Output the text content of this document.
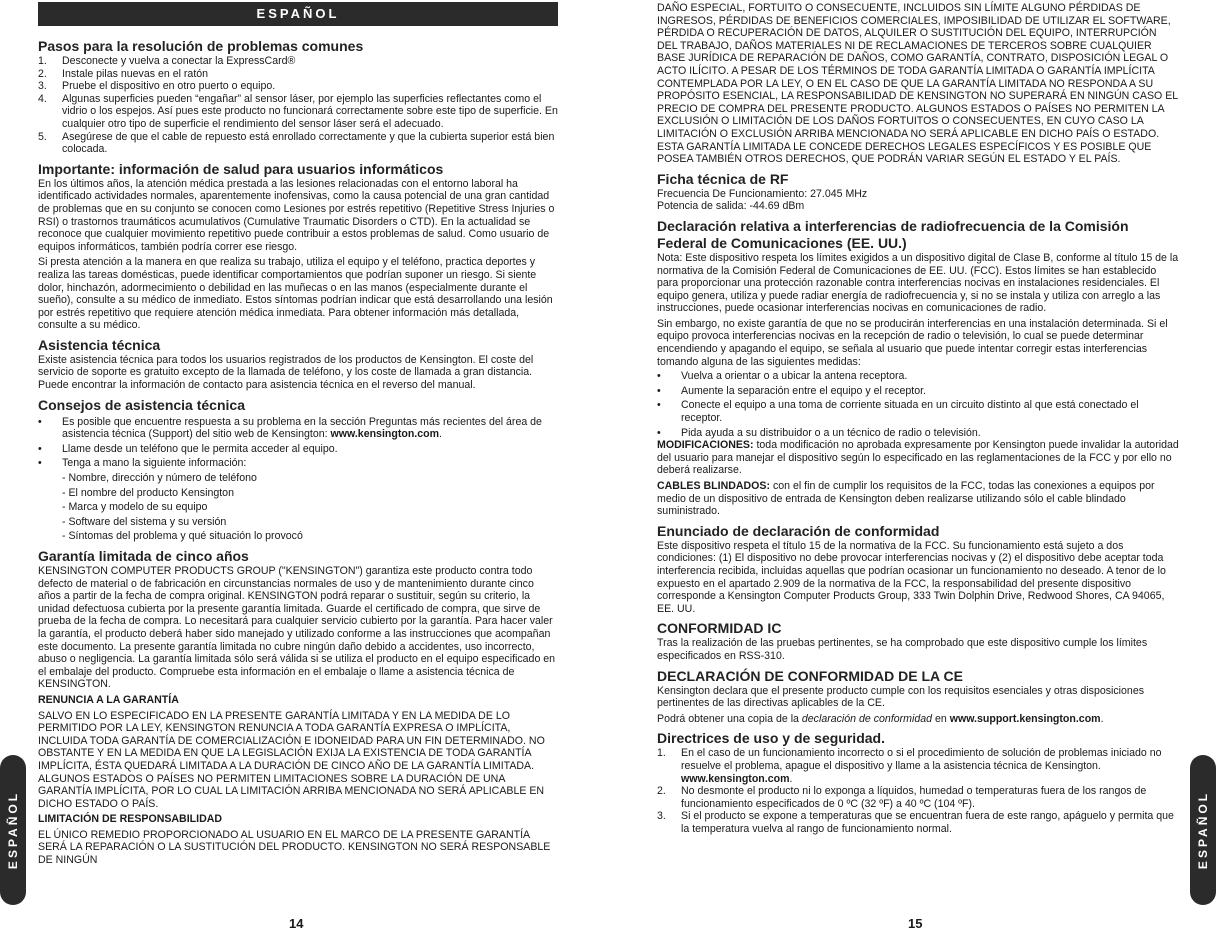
ESPAÑOL
Pasos para la resolución de problemas comunes
1. Desconecte y vuelva a conectar la ExpressCard®
2. Instale pilas nuevas en el ratón
3. Pruebe el dispositivo en otro puerto o equipo.
4. Algunas superficies pueden “engañar” al sensor láser, por ejemplo las superficies reflectantes como el vidrio o los espejos. Así pues este producto no funcionará correctamente sobre este tipo de superficie. En cualquier otro tipo de superficie el rendimiento del sensor láser será el adecuado.
5. Asegúrese de que el cable de repuesto está enrollado correctamente y que la cubierta superior está bien colocada.
Importante: información de salud para usuarios informáticos

En los últimos años, la atención médica prestada a las lesiones relacionadas con el entorno laboral ha identificado actividades normales, aparentemente inofensivas, como la causa potencial de una gran cantidad de problemas que en su conjunto se conocen como Lesiones por estrés repetitivo (Repetitive Stress Injuries o RSI) o trastornos traumáticos acumulativos (Cumulative Traumatic Disorders o CTD). En la actualidad se reconoce que cualquier movimiento repetitivo puede contribuir a estos problemas de salud. Como usuario de equipos informáticos, también podría correr ese riesgo.

Si presta atención a la manera en que realiza su trabajo, utiliza el equipo y el teléfono, practica deportes y realiza las tareas domésticas, puede identificar comportamientos que podrían suponer un riesgo. Si siente dolor, hinchazón, adormecimiento o debilidad en las muñecas o en las manos (especialmente durante el sueño), consulte a su médico de inmediato. Estos síntomas podrían indicar que está desarrollando una lesión por estrés repetitivo que requiere atención médica inmediata. Para obtener información más detallada, consulte a su médico.

Asistencia técnica

Existe asistencia técnica para todos los usuarios registrados de los productos de Kensington. El coste del servicio de soporte es gratuito excepto de la llamada de teléfono, y los coste de llamada a gran distancia. Puede encontrar la información de contacto para asistencia técnica en el reverso del manual.

Consejos de asistencia técnica
• Es posible que encuentre respuesta a su problema en la sección Preguntas más recientes del área de asistencia técnica (Support) del sitio web de Kensington: www.kensington.com.
• Llame desde un teléfono que le permita acceder al equipo.
• Tenga a mano la siguiente información:
- Nombre, dirección y número de teléfono
- El nombre del producto Kensington
- Marca y modelo de su equipo
- Software del sistema y su versión
- Síntomas del problema y qué situación lo provocó
Garantía limitada de cinco años

KENSINGTON COMPUTER PRODUCTS GROUP ("KENSINGTON") garantiza este producto contra todo defecto de material o de fabricación en circunstancias normales de uso y de mantenimiento durante cinco años a partir de la fecha de compra original. KENSINGTON podrá reparar o sustituir, según su criterio, la unidad defectuosa cubierta por la presente garantía limitada. Guarde el certificado de compra, que sirve de prueba de la fecha de compra. Lo necesitará para cualquier servicio cubierto por la garantía. Para hacer valer la garantía, el producto deberá haber sido manejado y utilizado conforme a las instrucciones que acompañan este documento. La presente garantía limitada no cubre ningún daño debido a accidentes, uso incorrecto, abuso o negligencia. La garantía limitada sólo será válida si se utiliza el producto en el equipo especificado en el embalaje del producto. Compruebe esta información en el embalaje o llame a asistencia técnica de KENSINGTON.

RENUNCIA A LA GARANTÍA

SALVO EN LO ESPECIFICADO EN LA PRESENTE GARANTÍA LIMITADA Y EN LA MEDIDA DE LO PERMITIDO POR LA LEY, KENSINGTON RENUNCIA A TODA GARANTÍA EXPRESA O IMPLÍCITA, INCLUIDA TODA GARANTÍA DE COMERCIALIZACIÓN E IDONEIDAD PARA UN FIN DETERMINADO. NO OBSTANTE Y EN LA MEDIDA EN QUE LA LEGISLACIÓN EXIJA LA EXISTENCIA DE TODA GARANTÍA IMPLÍCITA, ÉSTA QUEDARÁ LIMITADA A LA DURACIÓN DE CINCO AÑO DE LA GARANTÍA LIMITADA. ALGUNOS ESTADOS O PAÍSES NO PERMITEN LIMITACIONES SOBRE LA DURACIÓN DE UNA GARANTÍA IMPLÍCITA, POR LO CUAL LA LIMITACIÓN ARRIBA MENCIONADA NO SERÁ APLICABLE EN DICHO ESTADO O PAÍS.

LIMITACIÓN DE RESPONSABILIDAD

EL ÚNICO REMEDIO PROPORCIONADO AL USUARIO EN EL MARCO DE LA PRESENTE GARANTÍA SERÁ LA REPARACIÓN O LA SUSTITUCIÓN DEL PRODUCTO. KENSINGTON NO SERÁ RESPONSABLE DE NINGÚN

DAÑO ESPECIAL, FORTUITO O CONSECUENTE, INCLUIDOS SIN LÍMITE ALGUNO PÉRDIDAS DE INGRESOS, PÉRDIDAS DE BENEFICIOS COMERCIALES, IMPOSIBILIDAD DE UTILIZAR EL SOFTWARE, PÉRDIDA O RECUPERACIÓN DE DATOS, ALQUILER O SUSTITUCIÓN DEL EQUIPO, INTERRUPCIÓN DEL TRABAJO, DAÑOS MATERIALES NI DE RECLAMACIONES DE TERCEROS SOBRE CUALQUIER BASE JURÍDICA DE REPARACIÓN DE DAÑOS, COMO GARANTÍA, CONTRATO, DISPOSICIÓN LEGAL O ACTO ILÍCITO. A PESAR DE LOS TÉRMINOS DE TODA GARANTÍA LIMITADA O GARANTÍA IMPLÍCITA CONTEMPLADA POR LA LEY, O EN EL CASO DE QUE LA GARANTÍA LIMITADA NO RESPONDA A SU PROPÓSITO ESENCIAL, LA RESPONSABILIDAD DE KENSINGTON NO SUPERARÁ EN NINGÚN CASO EL PRECIO DE COMPRA DEL PRESENTE PRODUCTO. ALGUNOS ESTADOS O PAÍSES NO PERMITEN LA EXCLUSIÓN O LIMITACIÓN DE LOS DAÑOS FORTUITOS O CONSECUENTES, EN CUYO CASO LA LIMITACIÓN O EXCLUSIÓN ARRIBA MENCIONADA NO SERÁ APLICABLE EN DICHO PAÍS O ESTADO. ESTA GARANTÍA LIMITADA LE CONCEDE DERECHOS LEGALES ESPECÍFICOS Y ES POSIBLE QUE POSEA TAMBIÉN OTROS DERECHOS, QUE PODRÁN VARIAR SEGÚN EL ESTADO Y EL PAÍS.

Ficha técnica de RF

Frecuencia De Funcionamiento: 27.045 MHz

Potencia de salida: -44.69 dBm

Declaración relativa a interferencias de radiofrecuencia de la Comisión Federal de Comunicaciones (EE. UU.)

Nota: Este dispositivo respeta los límites exigidos a un dispositivo digital de Clase B, conforme al título 15 de la normativa de la Comisión Federal de Comunicaciones de EE. UU. (FCC). Estos límites se han establecido para proporcionar una protección razonable contra interferencias nocivas en instalaciones residenciales. El equipo genera, utiliza y puede radiar energía de radiofrecuencia y, si no se instala y utiliza con arreglo a las instrucciones, puede ocasionar interferencias nocivas en comunicaciones de radio.

Sin embargo, no existe garantía de que no se producirán interferencias en una instalación determinada. Si el equipo provoca interferencias nocivas en la recepción de radio o televisión, lo cual se puede determinar encendiendo y apagando el equipo, se señala al usuario que puede intentar corregir estas interferencias tomando alguna de las siguientes medidas:

• Vuelva a orientar o a ubicar la antena receptora.
• Aumente la separación entre el equipo y el receptor.
• Conecte el equipo a una toma de corriente situada en un circuito distinto al que está conectado el receptor.
• Pida ayuda a su distribuidor o a un técnico de radio o televisión.

MODIFICACIONES: toda modificación no aprobada expresamente por Kensington puede invalidar la autoridad del usuario para manejar el dispositivo según lo especificado en las reglamentaciones de la FCC y por ello no deberá realizarse.

CABLES BLINDADOS: con el fin de cumplir los requisitos de la FCC, todas las conexiones a equipos por medio de un dispositivo de entrada de Kensington deben realizarse utilizando sólo el cable blindado suministrado.

Enunciado de declaración de conformidad

Este dispositivo respeta el título 15 de la normativa de la FCC. Su funcionamiento está sujeto a dos condiciones: (1) El dispositivo no debe provocar interferencias nocivas y (2) el dispositivo debe aceptar toda interferencia recibida, incluidas aquellas que podrían ocasionar un funcionamiento no deseado. A tenor de lo expuesto en el apartado 2.909 de la normativa de la FCC, la responsabilidad del presente dispositivo corresponde a Kensington Computer Products Group, 333 Twin Dolphin Drive, Redwood Shores, CA 94065, EE. UU.

CONFORMIDAD IC

Tras la realización de las pruebas pertinentes, se ha comprobado que este dispositivo cumple los límites especificados en RSS-310.

DECLARACIÓN DE CONFORMIDAD DE LA CE

Kensington declara que el presente producto cumple con los requisitos esenciales y otras disposiciones pertinentes de las directivas aplicables de la CE.

Podrá obtener una copia de la declaración de conformidad en www.support.kensington.com.

Directrices de uso y de seguridad.
1. En el caso de un funcionamiento incorrecto o si el procedimiento de solución de problemas iniciado no resuelve el problema, apague el dispositivo y llame a la asistencia técnica de Kensington. www.kensington.com.
2. No desmonte el producto ni lo exponga a líquidos, humedad o temperaturas fuera de los rangos de funcionamiento especificados de 0 ºC (32 ºF) a 40 ºC (104 ºF).
3. Si el producto se expone a temperaturas que se encuentran fuera de este rango, apáguelo y permita que la temperatura vuelva al rango de funcionamiento normal.
ESPAÑOL	ESPAÑOL
14	15
